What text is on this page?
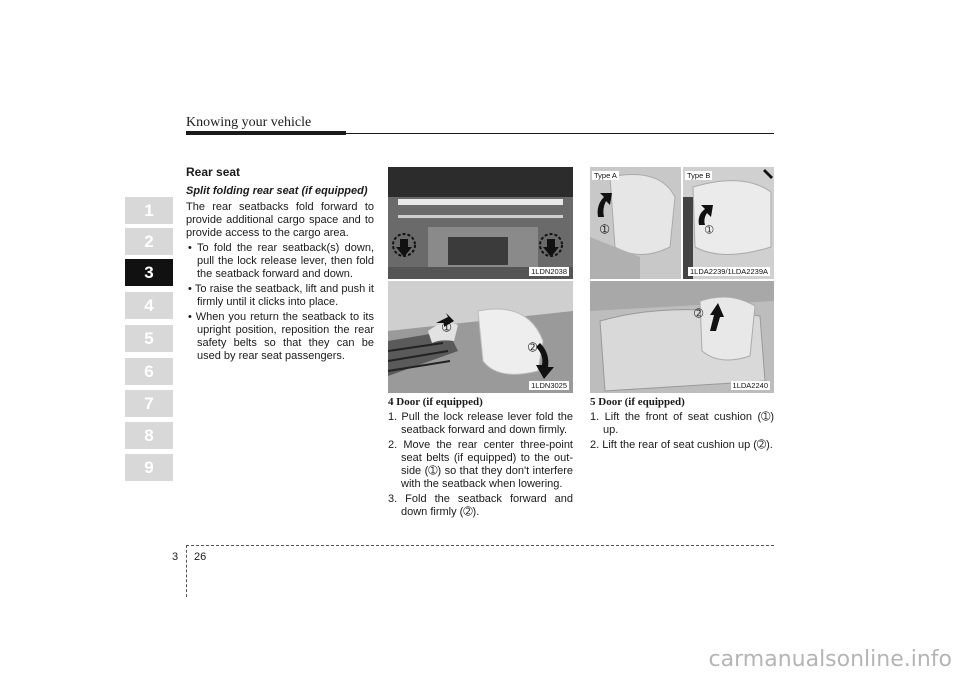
Knowing your vehicle
1
2
3
4
5
6
7
8
9
Rear seat
Split folding rear seat (if equipped)

The rear seatbacks fold forward to provide additional cargo space and to provide access to the cargo area.

• To fold the rear seatback(s) down, pull the lock release lever, then fold the seatback forward and down.

• To raise the seatback, lift and push it firmly until it clicks into place.

• When you return the seatback to its upright position, reposition the rear safety belts so that they can be used by rear seat passengers.

1LDN2038
➀
➁
1LDN3025
Type A
➀
Type B
➀
1LDA2239/1LDA2239A
➁
1LDA2240
4 Door (if equipped)

1. Pull the lock release lever fold the seatback forward and down firmly.

2. Move the rear center three-point seat belts (if equipped) to the out-side (➀) so that they don't interfere with the seatback when lowering.

3. Fold the seatback forward and down firmly (➁).

5 Door (if equipped)

1. Lift the front of seat cushion (➀) up.

2. Lift the rear of seat cushion up (➁).

3 26
carmanualsonline.info
